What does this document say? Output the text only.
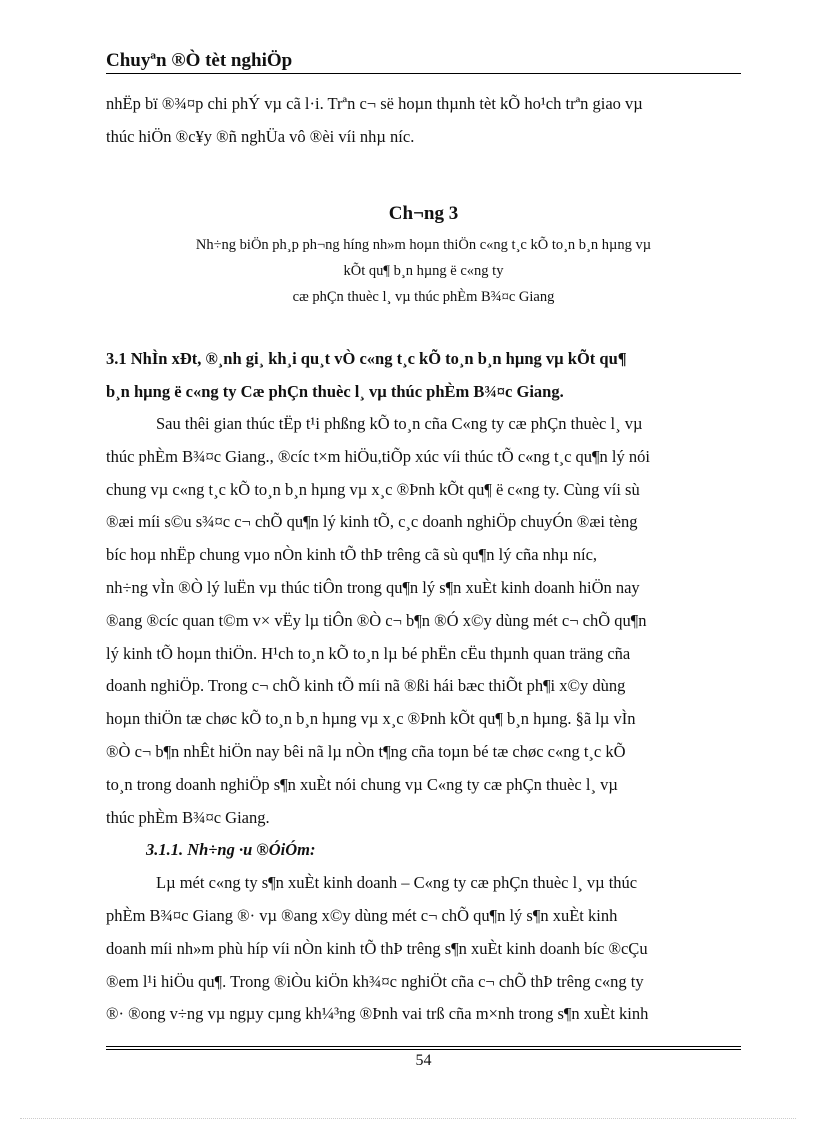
Chuyªn ®Ò tèt nghiÖp
nhËp bï ®¾¤p chi phÝ vµ cã l·i. Trªn c¬ së hoµn thµnh tèt kÕ ho¹ch trªn giao vµ
thúc hiÖn ®c¥y ®ñ nghÜa vô ®èi víi nhµ níc.
Ch¬ng 3
Nh÷ng biÖn ph¸p ph¬ng híng nh»m hoµn thiÖn c«ng t¸c kÕ to¸n b¸n hµng vµ
kÕt qu¶ b¸n hµng ë c«ng ty
cæ phÇn thuèc l¸ vµ thúc phÈm B¾¤c Giang
3.1 NhÌn xÐt, ®¸nh gi¸ kh¸i qu¸t vÒ c«ng t¸c kÕ to¸n b¸n hµng vµ kÕt qu¶
b¸n hµng ë c«ng ty Cæ phÇn thuèc l¸ vµ thúc phÈm B¾¤c Giang.
Sau thêi gian thúc tËp t¹i phßng kÕ to¸n cña C«ng ty cæ phÇn thuèc l¸ vµ
thúc phÈm B¾¤c Giang., ®cíc t×m hiÖu,tiÕp xúc víi thúc tÕ c«ng t¸c qu¶n lý nói
chung vµ c«ng t¸c kÕ to¸n b¸n hµng vµ x¸c ®Þnh kÕt qu¶ ë c«ng ty. Cùng víi sù
®æi míi s©u s¾¤c c¬ chÕ qu¶n lý kinh tÕ, c¸c doanh nghiÖp chuyÓn ®æi tèng
bíc hoµ nhËp chung vµo nÒn kinh tÕ thÞ trêng cã sù qu¶n lý cña nhµ níc,
nh÷ng vÌn ®Ò lý luËn vµ thúc tiÔn trong qu¶n lý s¶n xuÈt kinh doanh hiÖn nay
®ang ®cíc quan t©m v× vËy lµ tiÔn ®Ò c¬ b¶n ®Ó x©y dùng mét c¬ chÕ qu¶n
lý kinh tÕ hoµn thiÖn. H¹ch to¸n kÕ to¸n lµ bé phËn cËu thµnh quan träng cña
doanh nghiÖp. Trong c¬ chÕ kinh tÕ míi nã ®ßi hái bæc thiÕt ph¶i x©y dùng
hoµn thiÖn tæ chøc kÕ to¸n b¸n hµng vµ x¸c ®Þnh kÕt qu¶ b¸n hµng. §ã lµ vÌn
®Ò c¬ b¶n nhÊt hiÖn nay bêi nã lµ nÒn t¶ng cña toµn bé tæ chøc c«ng t¸c kÕ
to¸n trong doanh nghiÖp s¶n xuÈt nói chung vµ C«ng ty cæ phÇn thuèc l¸ vµ
thúc phÈm B¾¤c Giang.
3.1.1. Nh÷ng ·u ®ÓiÓm:
Lµ mét c«ng ty s¶n xuÈt kinh doanh – C«ng ty cæ phÇn thuèc l¸ vµ thúc
phÈm B¾¤c Giang ®· vµ ®ang x©y dùng mét c¬ chÕ qu¶n lý s¶n xuÈt kinh
doanh míi nh»m phù híp víi nÒn kinh tÕ thÞ trêng s¶n xuÈt kinh doanh bíc ®cÇu
®em l¹i hiÖu qu¶. Trong ®iÒu kiÖn kh¾¤c nghiÖt cña c¬ chÕ thÞ trêng c«ng ty
®· ®ong v÷ng vµ ngµy cµng kh¼³ng ®Þnh vai trß cña m×nh trong s¶n xuÈt kinh
54
